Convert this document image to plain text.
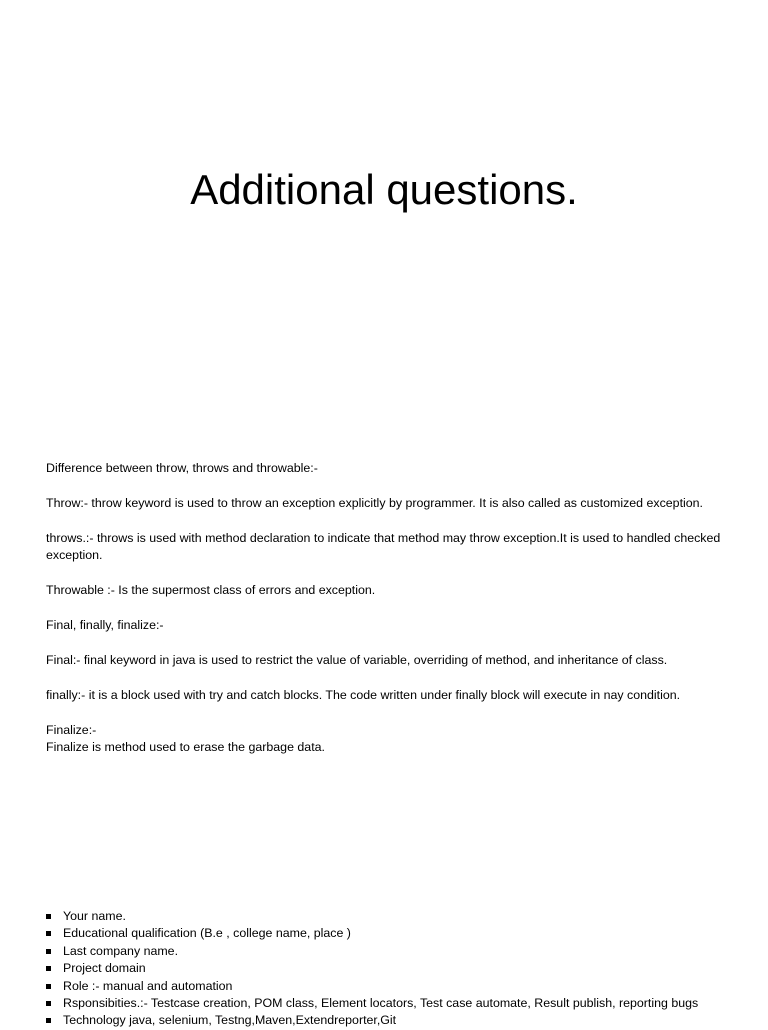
Additional questions.

Difference between throw, throws and throwable:-

Throw:- throw keyword is used to throw an exception explicitly by programmer. It is also called as customized exception.

throws.:- throws is used with method declaration to indicate that method may throw exception.It is used to handled checked exception.

Throwable :- Is the supermost class of errors and exception.

Final, finally, finalize:-

Final:- final keyword in java is used to restrict the value of variable, overriding of method, and inheritance of class.

finally:- it is a block used with try and catch blocks. The code written under finally block will execute in nay condition.

Finalize:-

Finalize is method used to erase the garbage data.

Your name.
Educational qualification (B.e , college name, place )
Last company name.
Project domain
Role :- manual and automation
Rsponsibities.:- Testcase creation, POM class, Element locators, Test case automate, Result publish, reporting bugs
Technology java, selenium, Testng,Maven,Extendreporter,Git
